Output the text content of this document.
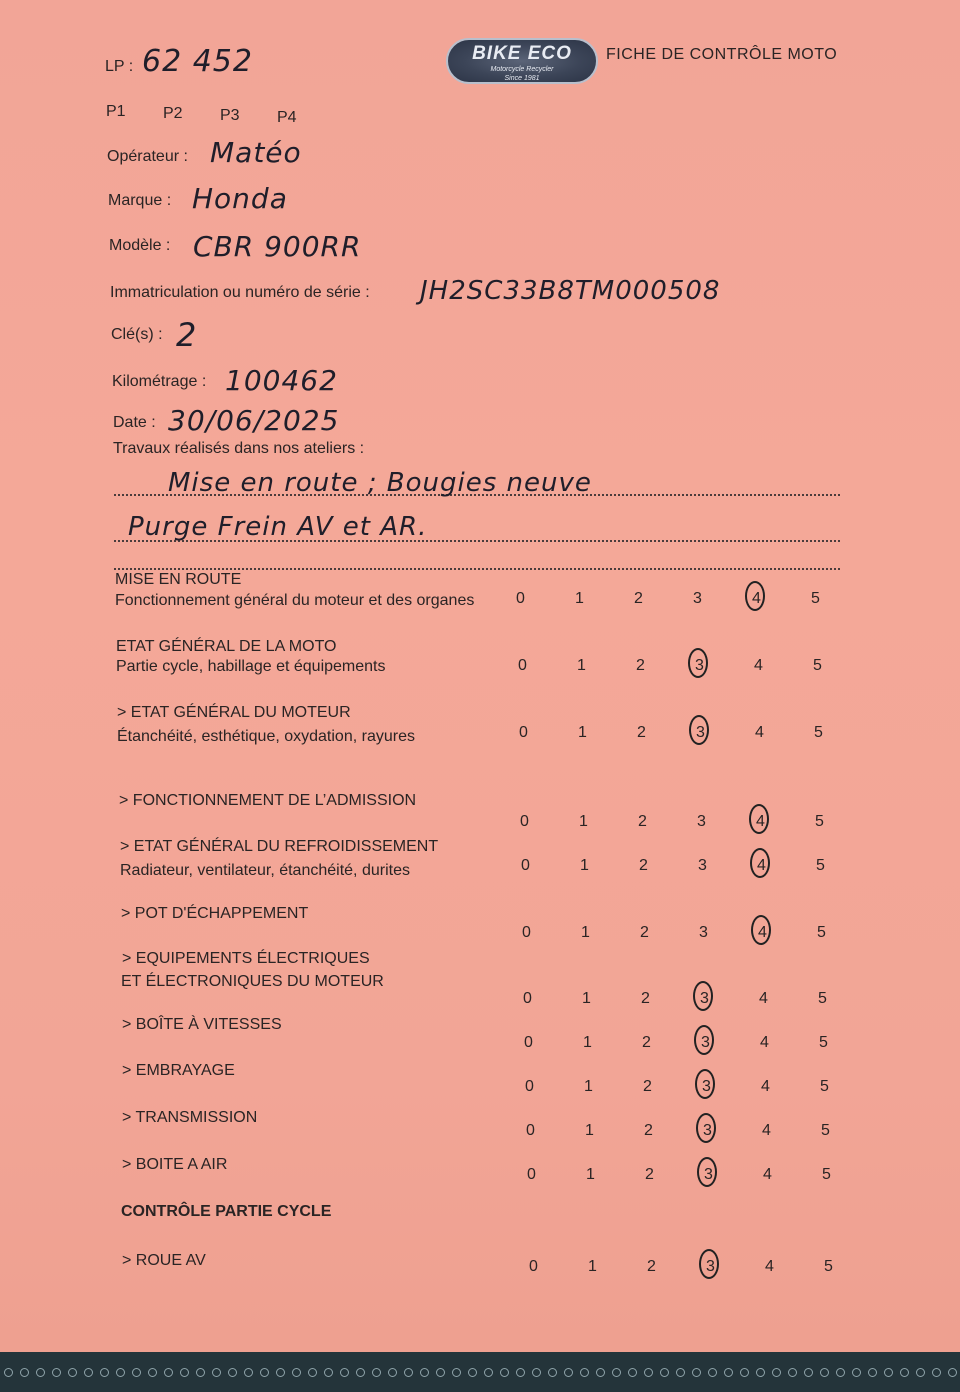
LP : 62 452	BIKE ECO
Motorcycle Recycler
Since 1981
FICHE DE CONTRÔLE MOTO
P1 P2 P3 P4
Opérateur : Matéo
Marque : Honda
Modèle : CBR 900RR
Immatriculation ou numéro de série : JH2SC33B8TM000508
Clé(s) : 2
Kilométrage : 100462
Date : 30/06/2025
Travaux réalisés dans nos ateliers :
Mise en route ; Bougies neuve
Purge Frein AV et AR.
MISE EN ROUTE
Fonctionnement général du moteur et des organes	0	1	2	3	4	5
ETAT GÉNÉRAL DE LA MOTO
Partie cycle, habillage et équipements	0	1	2	3	4	5
> ETAT GÉNÉRAL DU MOTEUR
Étanchéité, esthétique, oxydation, rayures	0	1	2	3	4	5
> FONCTIONNEMENT DE L’ADMISSION
0	1	2	3	4	5
> ETAT GÉNÉRAL DU REFROIDISSEMENT
Radiateur, ventilateur, étanchéité, durites	0	1	2	3	4	5
> POT D'ÉCHAPPEMENT
0	1	2	3	4	5
> EQUIPEMENTS ÉLECTRIQUES
ET ÉLECTRONIQUES DU MOTEUR
0	1	2	3	4	5
> BOÎTE À VITESSES
0	1	2	3	4	5
> EMBRAYAGE
0	1	2	3	4	5
> TRANSMISSION
0	1	2	3	4	5
> BOITE A AIR
0	1	2	3	4	5
CONTRÔLE PARTIE CYCLE
> ROUE AV	0	1	2	3	4	5
